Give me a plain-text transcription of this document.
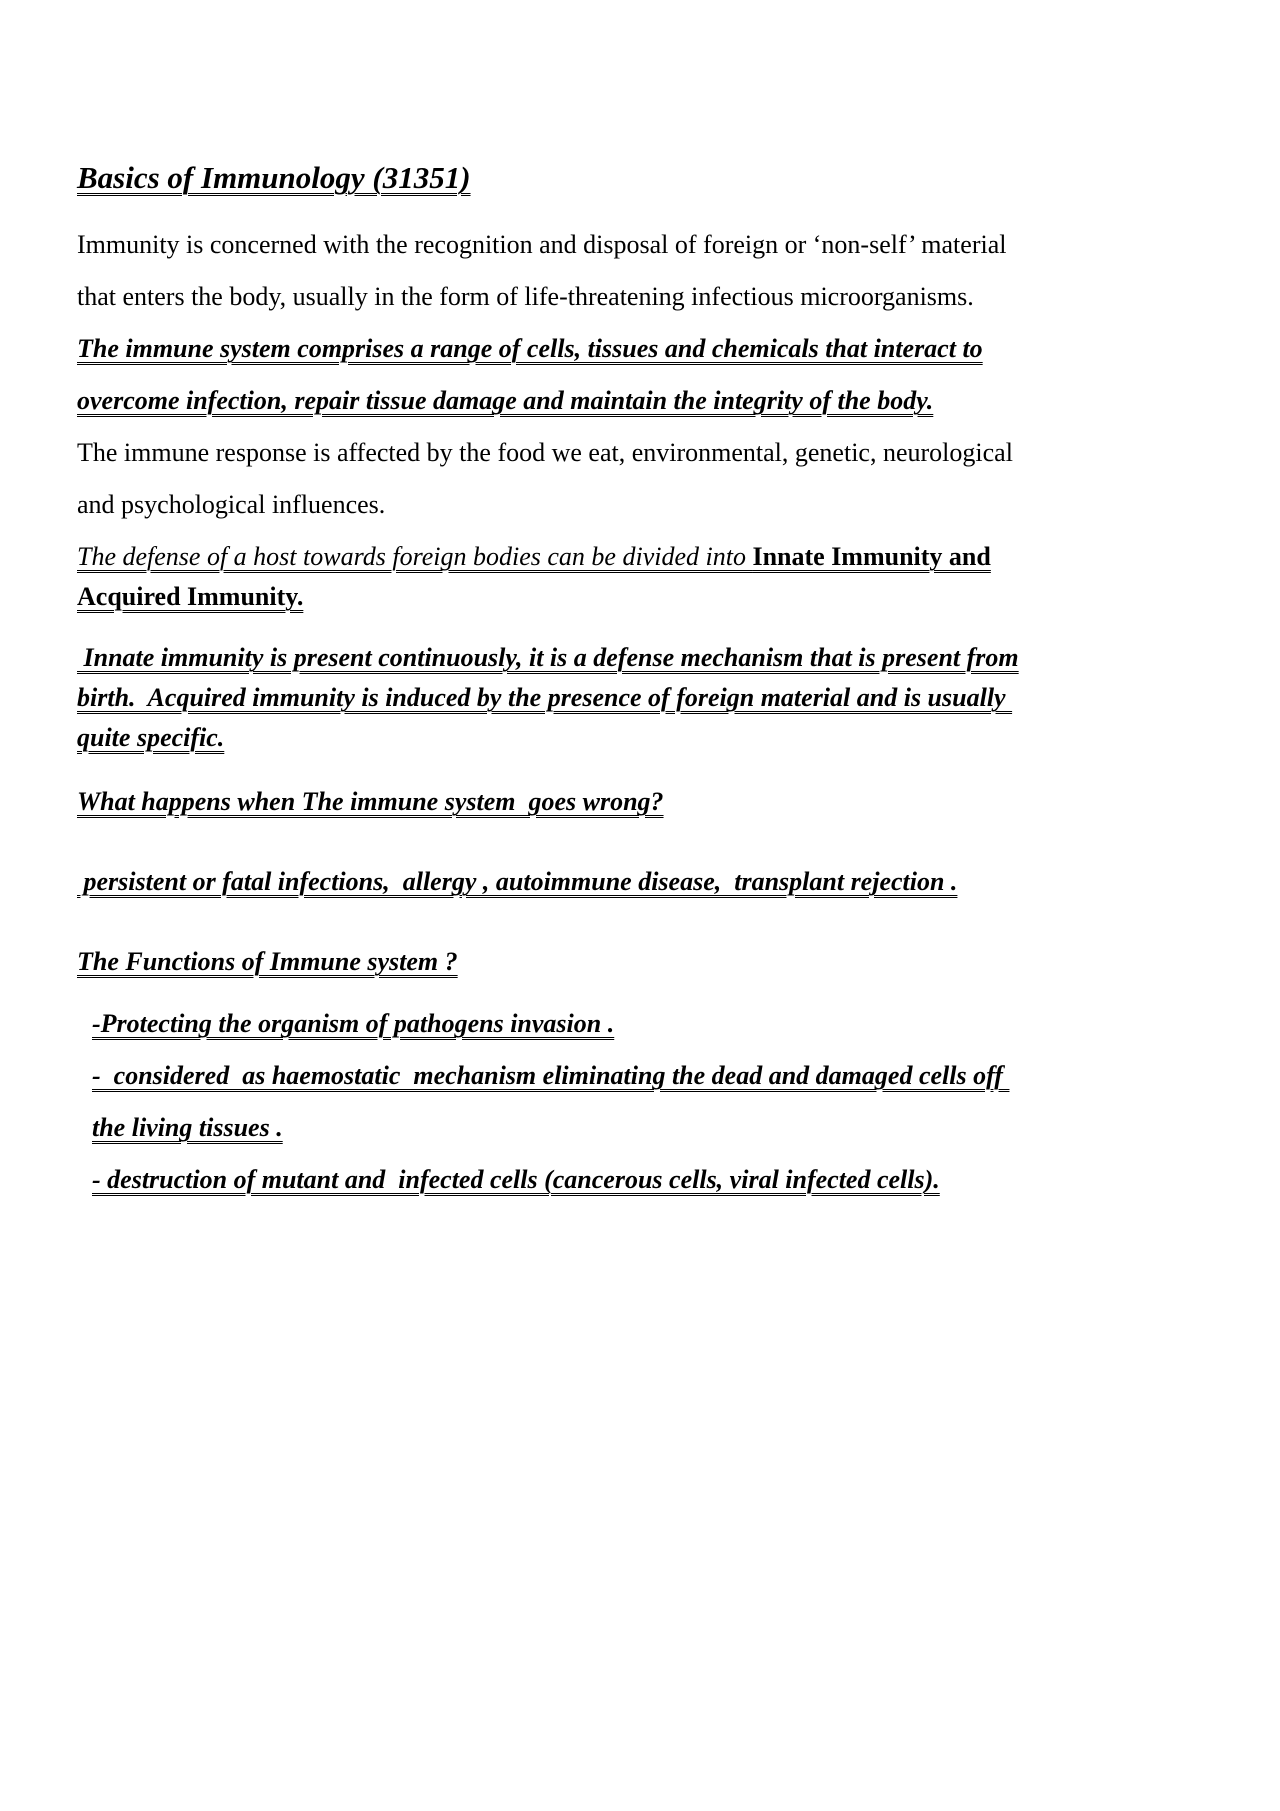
Basics of Immunology (31351)
Immunity is concerned with the recognition and disposal of foreign or ‘non-self’ material
that enters the body, usually in the form of life-threatening infectious microorganisms.
The immune system comprises a range of cells, tissues and chemicals that interact to
overcome infection, repair tissue damage and maintain the integrity of the body.
The immune response is affected by the food we eat, environmental, genetic, neurological
and psychological influences.
The defense of a host towards foreign bodies can be divided into Innate Immunity and
Acquired Immunity.
Innate immunity is present continuously, it is a defense mechanism that is present from
birth.  Acquired immunity is induced by the presence of foreign material and is usually
quite specific.
What happens when The immune system  goes wrong?
persistent or fatal infections,  allergy , autoimmune disease,  transplant rejection .
The Functions of Immune system ?
-Protecting the organism of pathogens invasion .
-  considered  as haemostatic  mechanism eliminating the dead and damaged cells off
the living tissues .
- destruction of mutant and  infected cells (cancerous cells, viral infected cells).
